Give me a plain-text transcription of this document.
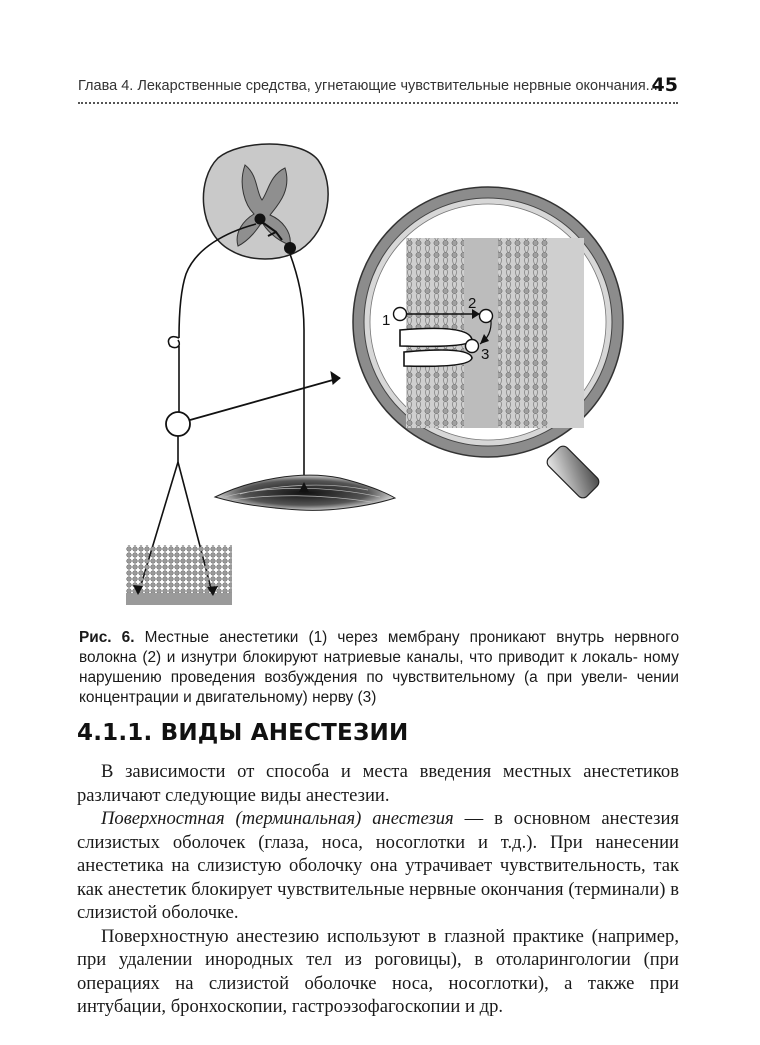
Глава 4. Лекарственные средства, угнетающие чувствительные нервные окончания...
45
1
2
3
Рис. 6. Местные анестетики (1) через мембрану проникают внутрь нервного волокна (2) и изнутри блокируют натриевые каналы, что приводит к локаль- ному нарушению проведения возбуждения по чувствительному (а при увели- чении концентрации и двигательному) нерву (3)
4.1.1. ВИДЫ АНЕСТЕЗИИ

В зависимости от способа и места введения местных анестетиков различают следующие виды анестезии.

Поверхностная (терминальная) анестезия — в основном анестезия слизистых оболочек (глаза, носа, носоглотки и т.д.). При нанесении анестетика на слизистую оболочку она утрачивает чувствительность, так как анестетик блокирует чувствительные нервные окончания (терминали) в слизистой оболочке.

Поверхностную анестезию используют в глазной практике (например, при удалении инородных тел из роговицы), в отоларингологии (при операциях на слизистой оболочке носа, носоглотки), а также при интубации, бронхоскопии, гастроэзофагоскопии и др.
